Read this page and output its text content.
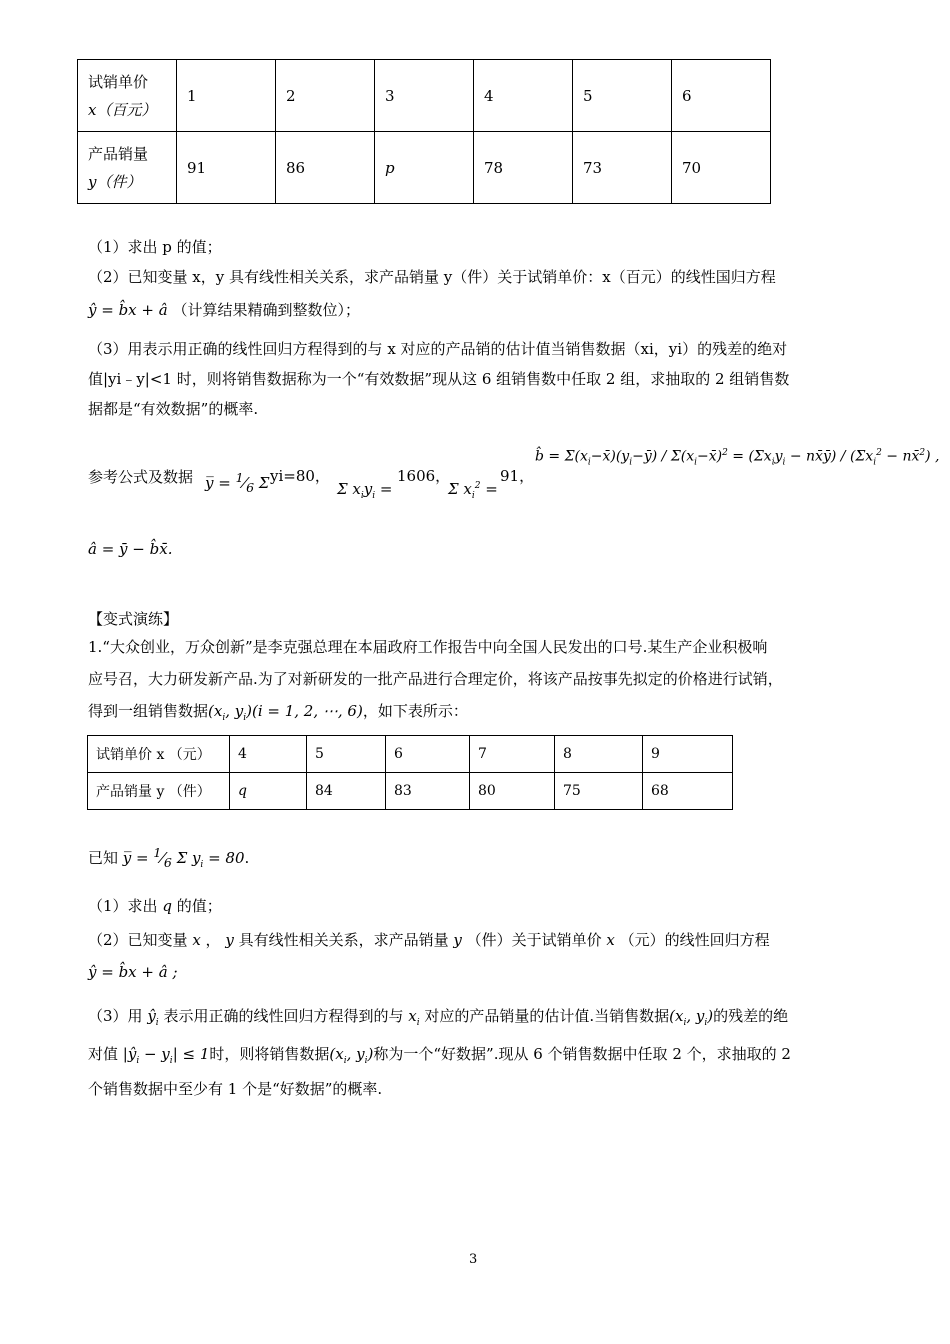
试销单价
x（百元）	1	2	3	4	5	6
产品销量
y（件）	91	86	p	78	73	70
（1）求出 p 的值；
（2）已知变量 x，y 具有线性相关关系，求产品销量 y（件）关于试销单价：x（百元）的线性国归方程
ŷ = b̂x + â （计算结果精确到整数位）；
（3）用表示用正确的线性回归方程得到的与 x 对应的产品销的估计值当销售数据（xi，yi）的残差的绝对
值|yi﹣y|<1 时，则将销售数据称为一个“有效数据”现从这 6 组销售数中任取 2 组，求抽取的 2 组销售数
据都是“有效数据”的概率.
参考公式及数据 y̅ = $^1⁄_6$ Σ yi=80，
Σ $x_iy_i$ =
1606，
Σ $x_i^2$ =
91，
b̂ = $\Sigma(x_i-x̄)(y_i-ȳ)$ / $\Sigma(x_i-x̄)^2 = (\Sigma x_iy_i$ − nx̄ȳ) / ($\Sigma x_i^2$ − nx̄$^2$) ,
â = ȳ − b̂x̄.
【变式演练】
1.“大众创业，万众创新”是李克强总理在本届政府工作报告中向全国人民发出的口号.某生产企业积极响
应号召，大力研发新产品.为了对新研发的一批产品进行合理定价，将该产品按事先拟定的价格进行试销，
得到一组销售数据($x_i$, $y_i)(i = 1$, 2, ⋯, 6)，如下表所示：
试销单价 x （元）	4	5	6	7	8	9
产品销量 y （件）	q	84	83	80	75	68
已知 y̅ = $^1⁄_6$ Σ $y_i = 80$.
（1）求出 q 的值；
（2）已知变量 x ， y 具有线性相关关系，求产品销量 y （件）关于试销单价 x （元）的线性回归方程
ŷ = b̂x + â ;
（3）用 $ŷ_i$ 表示用正确的线性回归方程得到的与 $x_i$ 对应的产品销量的估计值.当销售数据($x_i$, $y_i$)的残差的绝
对值 $|ŷ_i - y_i| \le 1$时，则将销售数据($x_i$, $y_i$)称为一个“好数据”.现从 6 个销售数据中任取 2 个，求抽取的 2
个销售数据中至少有 1 个是“好数据”的概率.
3
